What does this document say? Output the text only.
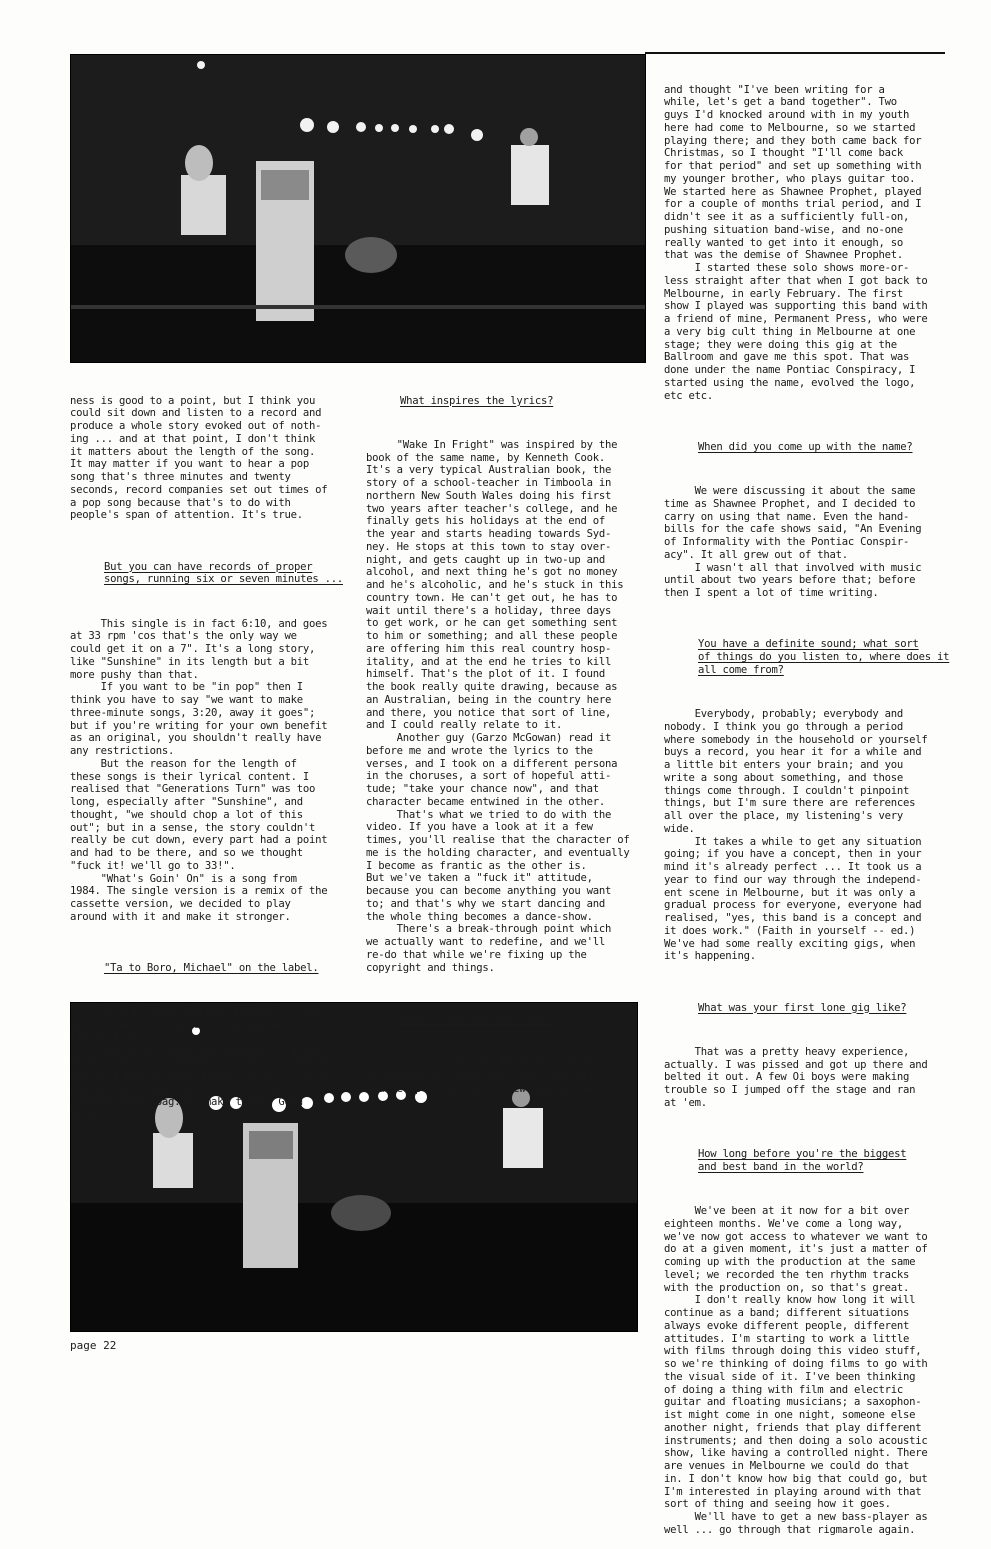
ness is good to a point, but I think you
could sit down and listen to a record and
produce a whole story evoked out of noth-
ing ... and at that point, I don't think
it matters about the length of the song.
It may matter if you want to hear a pop
song that's three minutes and twenty
seconds, record companies set out times of
a pop song because that's to do with
people's span of attention. It's true.

But you can have records of proper
songs, running six or seven minutes ...

This single is in fact 6:10, and goes
at 33 rpm 'cos that's the only way we
could get it on a 7". It's a long story,
like "Sunshine" in its length but a bit
more pushy than that.
If you want to be "in pop" then I
think you have to say "we want to make
three-minute songs, 3:20, away it goes";
but if you're writing for your own benefit
as an original, you shouldn't really have
any restrictions.
But the reason for the length of
these songs is their lyrical content. I
realised that "Generations Turn" was too
long, especially after "Sunshine", and
thought, "we should chop a lot of this
out"; but in a sense, the story couldn't
really be cut down, every part had a point
and had to be there, and so we thought
"fuck it! we'll go to 33!".
"What's Goin' On" is a song from
1984. The single version is a remix of the
cassette version, we decided to play
around with it and make it stronger.

"Ta to Boro, Michael" on the label.

Boro is Boris Garter. Michael is our
live mixer, who did this; we played the
tracks live.
The lyric-sheet was originally going
to be set out in different colours, but we
couldn't really afford that, so it'll be a
photocopied sheet with our very own red-
stamped paper bag. We make these. Good
value.

What inspires the lyrics?

"Wake In Fright" was inspired by the
book of the same name, by Kenneth Cook.
It's a very typical Australian book, the
story of a school-teacher in Timboola in
northern New South Wales doing his first
two years after teacher's college, and he
finally gets his holidays at the end of
the year and starts heading towards Syd-
ney. He stops at this town to stay over-
night, and gets caught up in two-up and
alcohol, and next thing he's got no money
and he's alcoholic, and he's stuck in this
country town. He can't get out, he has to
wait until there's a holiday, three days
to get work, or he can get something sent
to him or something; and all these people
are offering him this real country hosp-
itality, and at the end he tries to kill
himself. That's the plot of it. I found
the book really quite drawing, because as
an Australian, being in the country here
and there, you notice that sort of line,
and I could really relate to it.
Another guy (Garzo McGowan) read it
before me and wrote the lyrics to the
verses, and I took on a different persona
in the choruses, a sort of hopeful atti-
tude; "take your chance now", and that
character became entwined in the other.
That's what we tried to do with the
video. If you have a look at it a few
times, you'll realise that the character of
me is the holding character, and eventually
I become as frantic as the other is.
But we've taken a "fuck it" attitude,
because you can become anything you want
to; and that's why we start dancing and
the whole thing becomes a dance-show.
There's a break-through point which
we actually want to redefine, and we'll
re-do that while we're fixing up the
copyright and things.

What's your musical past?

I was in Shawnee Prophet. I'd been in
Melbourne for about two years and had
started playing with a few people there,

and thought "I've been writing for a
while, let's get a band together". Two
guys I'd knocked around with in my youth
here had come to Melbourne, so we started
playing there; and they both came back for
Christmas, so I thought "I'll come back
for that period" and set up something with
my younger brother, who plays guitar too.
We started here as Shawnee Prophet, played
for a couple of months trial period, and I
didn't see it as a sufficiently full-on,
pushing situation band-wise, and no-one
really wanted to get into it enough, so
that was the demise of Shawnee Prophet.
I started these solo shows more-or-
less straight after that when I got back to
Melbourne, in early February. The first
show I played was supporting this band with
a friend of mine, Permanent Press, who were
a very big cult thing in Melbourne at one
stage; they were doing this gig at the
Ballroom and gave me this spot. That was
done under the name Pontiac Conspiracy, I
started using the name, evolved the logo,
etc etc.

When did you come up with the name?

We were discussing it about the same
time as Shawnee Prophet, and I decided to
carry on using that name. Even the hand-
bills for the cafe shows said, "An Evening
of Informality with the Pontiac Conspir-
acy". It all grew out of that.
I wasn't all that involved with music
until about two years before that; before
then I spent a lot of time writing.

You have a definite sound; what sort
of things do you listen to, where does it
all come from?

Everybody, probably; everybody and
nobody. I think you go through a period
where somebody in the household or yourself
buys a record, you hear it for a while and
a little bit enters your brain; and you
write a song about something, and those
things come through. I couldn't pinpoint
things, but I'm sure there are references
all over the place, my listening's very
wide.
It takes a while to get any situation
going; if you have a concept, then in your
mind it's already perfect ... It took us a
year to find our way through the independ-
ent scene in Melbourne, but it was only a
gradual process for everyone, everyone had
realised, "yes, this band is a concept and
it does work." (Faith in yourself -- ed.)
We've had some really exciting gigs, when
it's happening.

What was your first lone gig like?

That was a pretty heavy experience,
actually. I was pissed and got up there and
belted it out. A few Oi boys were making
trouble so I jumped off the stage and ran
at 'em.

How long before you're the biggest
and best band in the world?

We've been at it now for a bit over
eighteen months. We've come a long way,
we've now got access to whatever we want to
do at a given moment, it's just a matter of
coming up with the production at the same
level; we recorded the ten rhythm tracks
with the production on, so that's great.
I don't really know how long it will
continue as a band; different situations
always evoke different people, different
attitudes. I'm starting to work a little
with films through doing this video stuff,
so we're thinking of doing films to go with
the visual side of it. I've been thinking
of doing a thing with film and electric
guitar and floating musicians; a saxophon-
ist might come in one night, someone else
another night, friends that play different
instruments; and then doing a solo acoustic
show, like having a controlled night. There
are venues in Melbourne we could do that
in. I don't know how big that could go, but
I'm interested in playing around with that
sort of thing and seeing how it goes.
We'll have to get a new bass-player as
well ... go through that rigmarole again.

page 22
